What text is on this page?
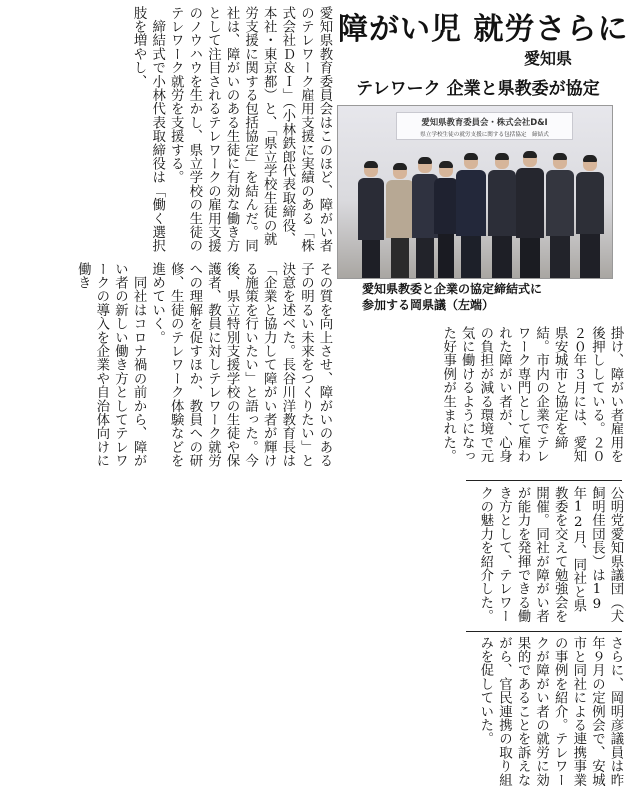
障がい児 就労さらに
愛知県
テレワーク 企業と県教委が協定
愛知県教育委員会・株式会社D&I
県立学校生徒の就労支援に関する包括協定　締結式
愛知県教委と企業の協定締結式に
参加する岡県議（左端）
愛知県教育委員会はこのほど、障がい者のテレワーク雇用支援に実績のある「株式会社Ｄ＆Ｉ」（小林鉄郎代表取締役、本社・東京都）と、「県立学校生徒の就労支援に関する包括協定」を結んだ。同社は、障がいのある生徒に有効な働き方として注目されるテレワークの雇用支援のノウハウを生かし、県立学校の生徒のテレワーク就労を支援する。
　締結式で小林代表取締役は「働く選択肢を増やし、
その質を向上させ、障がいのある子の明るい未来をつくりたい」と決意を述べた。長谷川洋教育長は「企業と協力して障がい者が輝ける施策を行いたい」と語った。今後、県立特別支援学校の生徒や保護者、教員に対しテレワーク就労への理解を促すほか、教員への研修、生徒のテレワーク体験などを進めていく。
　同社はコロナ禍の前から、障がい者の新しい働き方としてテレワークの導入を企業や自治体向けに働き
掛け、障がい者雇用を後押ししている。２０２０年３月には、愛知県安城市と協定を締結。市内の企業でテレワーク専門として雇われた障がい者が、心身の負担が減る環境で元気に働けるようになった好事例が生まれた。
公明党愛知県議団（犬飼明佳団長）は19年12月、同社と県教委を交えて勉強会を開催。同社が障がい者が能力を発揮できる働き方として、テレワークの魅力を紹介した。
さらに、岡明彦議員は昨年９月の定例会で、安城市と同社による連携事業の事例を紹介。テレワークが障がい者の就労に効果的であることを訴えながら、官民連携の取り組みを促していた。
